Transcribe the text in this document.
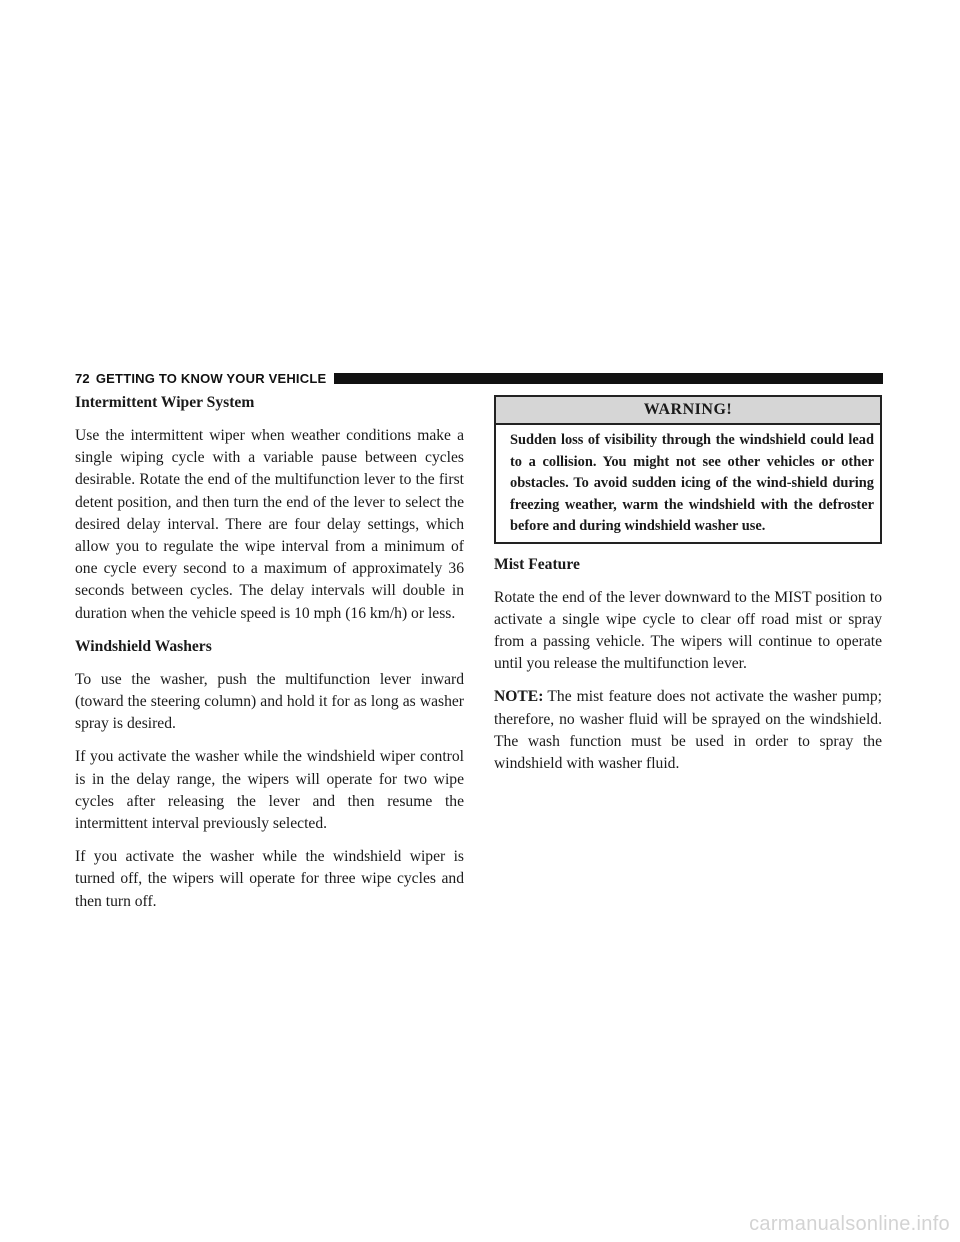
72 GETTING TO KNOW YOUR VEHICLE
Intermittent Wiper System

Use the intermittent wiper when weather conditions make a single wiping cycle with a variable pause between cycles desirable. Rotate the end of the multifunction lever to the first detent position, and then turn the end of the lever to select the desired delay interval. There are four delay settings, which allow you to regulate the wipe interval from a minimum of one cycle every second to a maximum of approximately 36 seconds between cycles. The delay intervals will double in duration when the vehicle speed is 10 mph (16 km/h) or less.

Windshield Washers

To use the washer, push the multifunction lever inward (toward the steering column) and hold it for as long as washer spray is desired.

If you activate the washer while the windshield wiper control is in the delay range, the wipers will operate for two wipe cycles after releasing the lever and then resume the intermittent interval previously selected.

If you activate the washer while the windshield wiper is turned off, the wipers will operate for three wipe cycles and then turn off.

WARNING!
Sudden loss of visibility through the windshield could lead to a collision. You might not see other vehicles or other obstacles. To avoid sudden icing of the wind-shield during freezing weather, warm the windshield with the defroster before and during windshield washer use.
Mist Feature

Rotate the end of the lever downward to the MIST position to activate a single wipe cycle to clear off road mist or spray from a passing vehicle. The wipers will continue to operate until you release the multifunction lever.

NOTE: The mist feature does not activate the washer pump; therefore, no washer fluid will be sprayed on the windshield. The wash function must be used in order to spray the windshield with washer fluid.

carmanualsonline.info
